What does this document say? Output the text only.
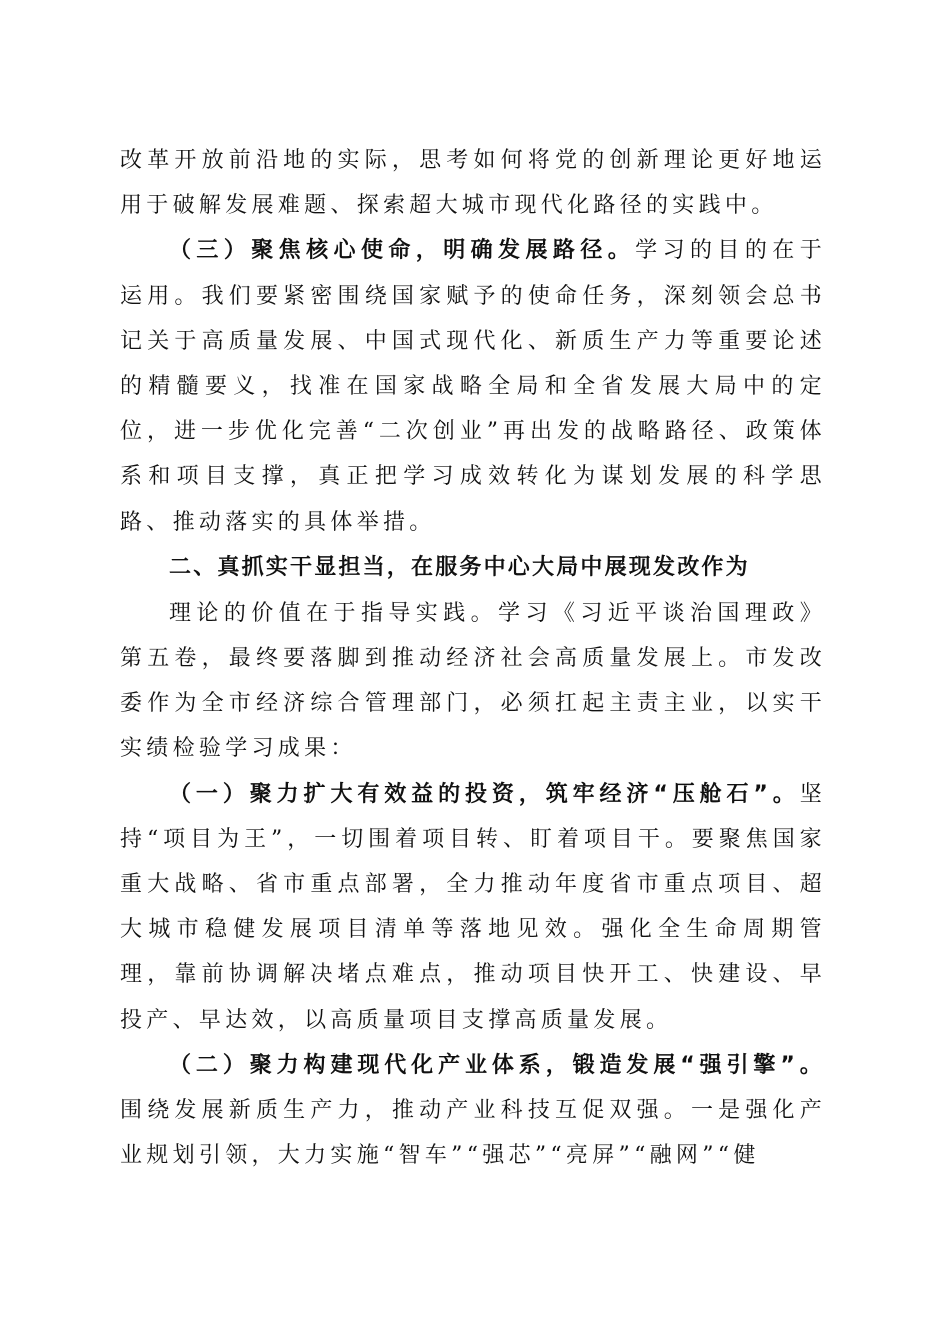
改革开放前沿地的实际，思考如何将党的创新理论更好地运用于破解发展难题、探索超大城市现代化路径的实践中。

（三）聚焦核心使命，明确发展路径。学习的目的在于运用。我们要紧密围绕国家赋予的使命任务，深刻领会总书记关于高质量发展、中国式现代化、新质生产力等重要论述的精髓要义，找准在国家战略全局和全省发展大局中的定位，进一步优化完善“二次创业”再出发的战略路径、政策体系和项目支撑，真正把学习成效转化为谋划发展的科学思路、推动落实的具体举措。

二、真抓实干显担当，在服务中心大局中展现发改作为

理论的价值在于指导实践。学习《习近平谈治国理政》第五卷，最终要落脚到推动经济社会高质量发展上。市发改委作为全市经济综合管理部门，必须扛起主责主业，以实干实绩检验学习成果：

（一）聚力扩大有效益的投资，筑牢经济“压舱石”。坚持“项目为王”，一切围着项目转、盯着项目干。要聚焦国家重大战略、省市重点部署，全力推动年度省市重点项目、超大城市稳健发展项目清单等落地见效。强化全生命周期管理，靠前协调解决堵点难点，推动项目快开工、快建设、早投产、早达效，以高质量项目支撑高质量发展。

（二）聚力构建现代化产业体系，锻造发展“强引擎”。围绕发展新质生产力，推动产业科技互促双强。一是强化产业规划引领，大力实施“智车”“强芯”“亮屏”“融网”“健
